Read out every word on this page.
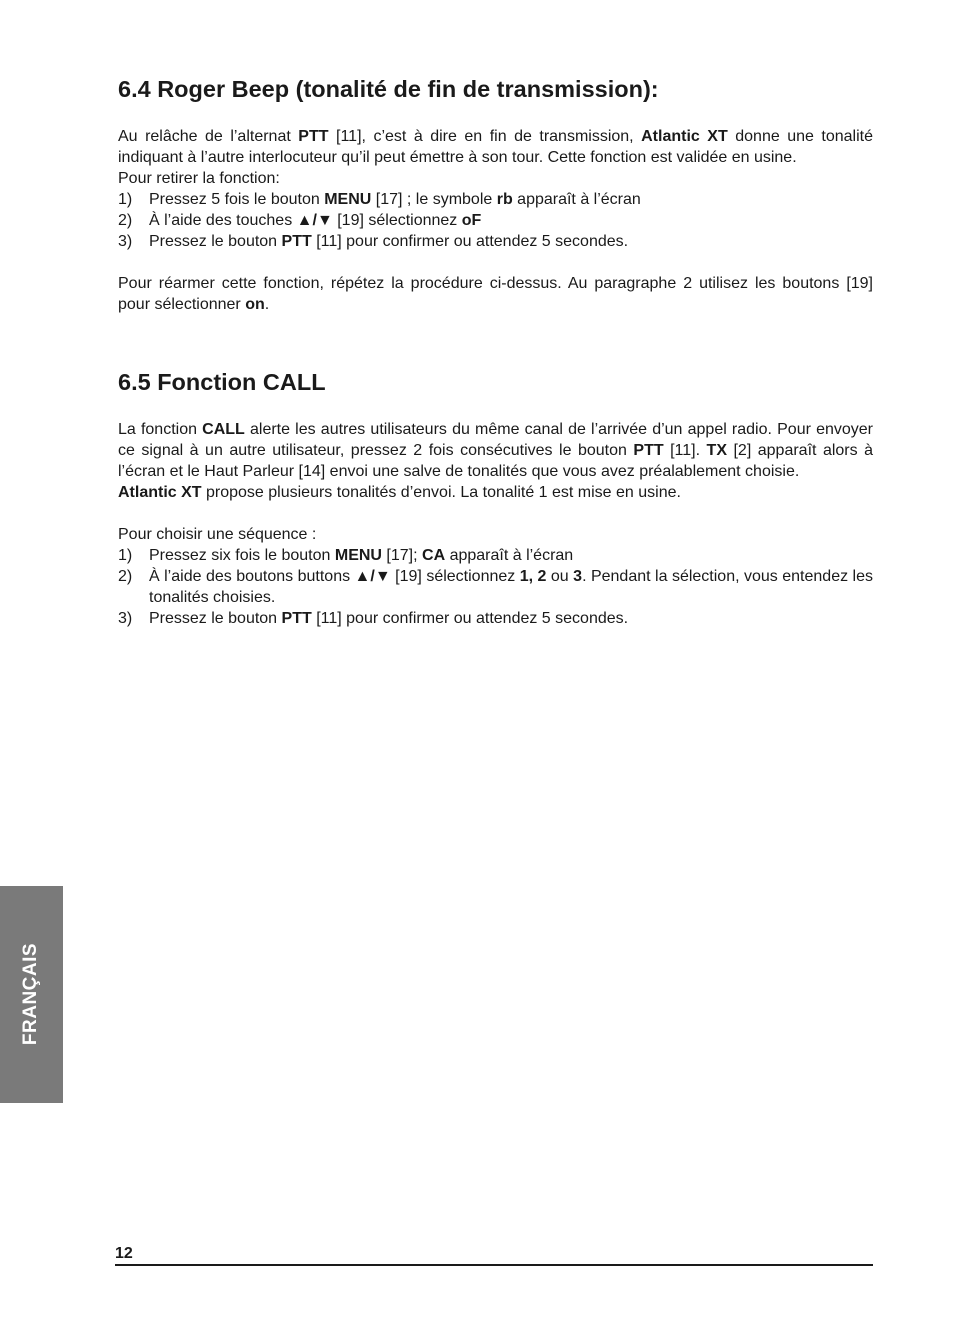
6.4 Roger Beep (tonalité de fin de transmission):

Au relâche de l’alternat PTT [11], c’est à dire en fin de transmission, Atlantic XT donne une tonalité indiquant à l’autre interlocuteur qu’il peut émettre à son tour. Cette fonction est validée en usine.

Pour retirer la fonction:

1)	Pressez 5 fois le bouton MENU [17] ; le symbole rb apparaît à l’écran
2)	À l’aide des touches ▲/▼ [19] sélectionnez oF
3)	Pressez le bouton PTT [11] pour confirmer ou attendez 5 secondes.

Pour réarmer cette fonction, répétez la procédure ci-dessus. Au paragraphe 2 utilisez les boutons [19] pour sélectionner on.

6.5 Fonction CALL

La fonction CALL alerte les autres utilisateurs du même canal de l’arrivée d’un appel radio. Pour envoyer ce signal à un autre utilisateur, pressez 2 fois consécutives le bouton PTT [11]. TX [2] apparaît alors à l’écran et le Haut Parleur [14] envoi une salve de tonalités que vous avez préalablement choisie.

Atlantic XT propose plusieurs tonalités d’envoi. La tonalité 1 est mise en usine.

Pour choisir une séquence :

1)	Pressez six fois le bouton MENU [17]; CA apparaît à l’écran
2)	À l’aide des boutons buttons ▲/▼ [19] sélectionnez 1, 2 ou 3. Pendant la sélection, vous entendez les tonalités choisies.
3)	Pressez le bouton PTT [11] pour confirmer ou attendez 5 secondes.
FRANÇAIS
12
